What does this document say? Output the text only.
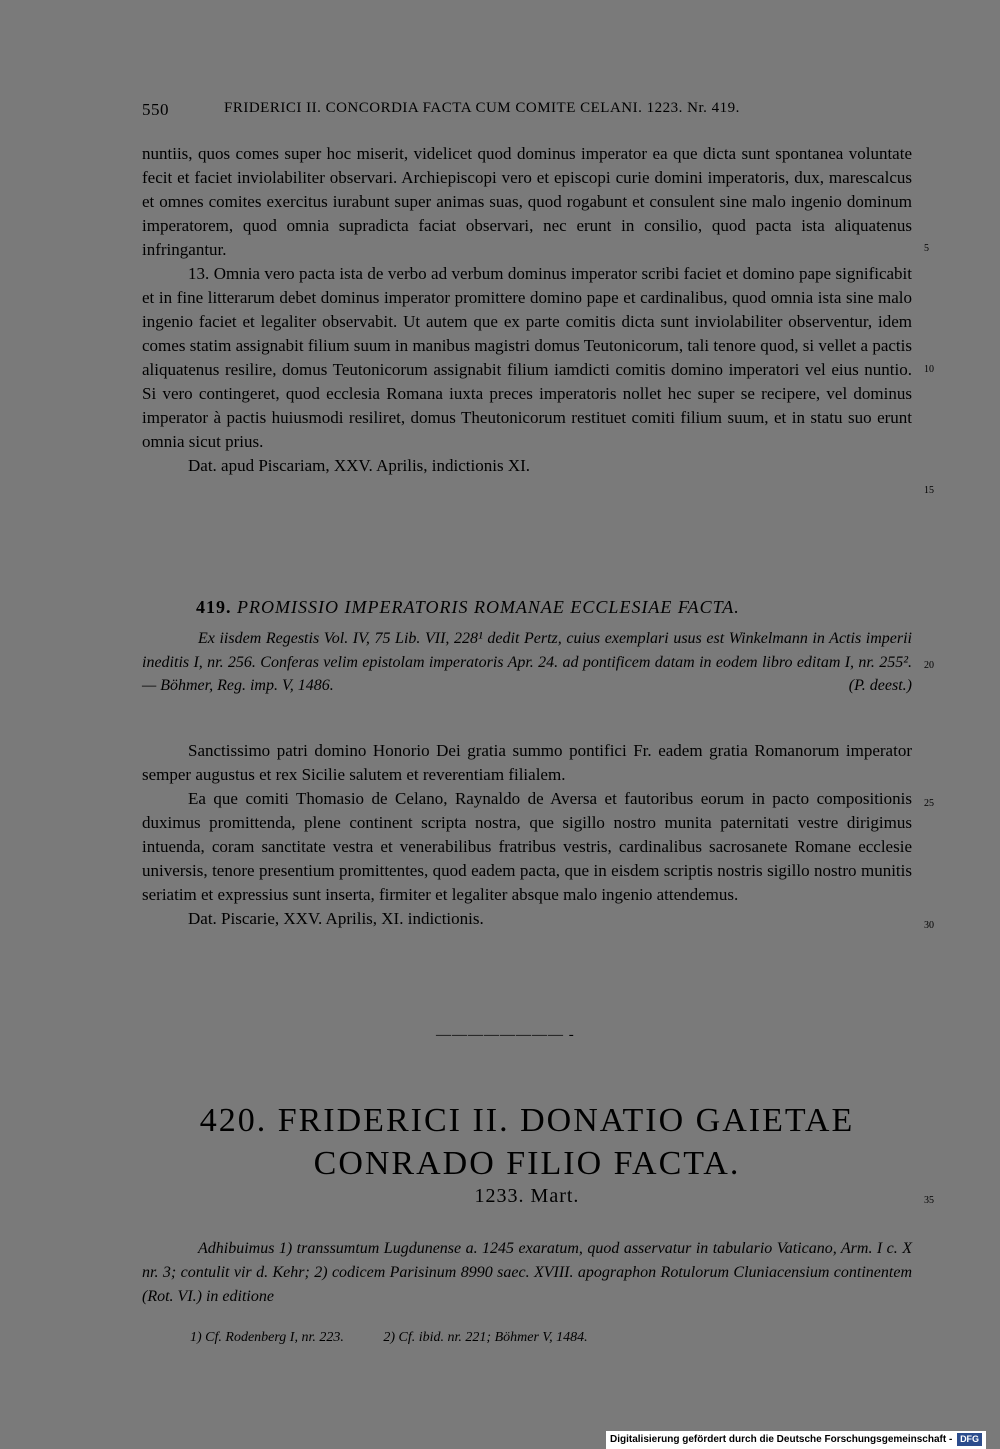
550	FRIDERICI II. CONCORDIA FACTA CUM COMITE CELANI. 1223. Nr. 419.

nuntiis, quos comes super hoc miserit, videlicet quod dominus imperator ea que dicta sunt spontanea voluntate fecit et faciet inviolabiliter observari. Archiepiscopi vero et episcopi curie domini imperatoris, dux, marescalcus et omnes comites exercitus iurabunt super animas suas, quod rogabunt et consulent sine malo ingenio dominum imperatorem, quod omnia supradicta faciat observari, nec erunt in consilio, quod pacta ista aliquatenus infringantur.

13. Omnia vero pacta ista de verbo ad verbum dominus imperator scribi faciet et domino pape significabit et in fine litterarum debet dominus imperator promittere domino pape et cardinalibus, quod omnia ista sine malo ingenio faciet et legaliter observabit. Ut autem que ex parte comitis dicta sunt inviolabiliter observentur, idem comes statim assignabit filium suum in manibus magistri domus Teutonicorum, tali tenore quod, si vellet a pactis aliquatenus resilire, domus Teutonicorum assignabit filium iamdicti comitis domino imperatori vel eius nuntio. Si vero contingeret, quod ecclesia Romana iuxta preces imperatoris nollet hec super se recipere, vel dominus imperator à pactis huiusmodi resiliret, domus Theutonicorum restituet comiti filium suum, et in statu suo erunt omnia sicut prius.

Dat. apud Piscariam, XXV. Aprilis, indictionis XI.

5
10
15
419. PROMISSIO IMPERATORIS ROMANAE ECCLESIAE FACTA.

Ex iisdem Regestis Vol. IV, 75 Lib. VII, 228¹ dedit Pertz, cuius exemplari usus est Winkelmann in Actis imperii ineditis I, nr. 256. Conferas velim epistolam imperatoris Apr. 24. ad pontificem datam in eodem libro editam I, nr. 255². — Böhmer, Reg. imp. V, 1486.	(P. deest.)

20

Sanctissimo patri domino Honorio Dei gratia summo pontifici Fr. eadem gratia Romanorum imperator semper augustus et rex Sicilie salutem et reverentiam filialem.

Ea que comiti Thomasio de Celano, Raynaldo de Aversa et fautoribus eorum in pacto compositionis duximus promittenda, plene continent scripta nostra, que sigillo nostro munita paternitati vestre dirigimus intuenda, coram sanctitate vestra et venerabilibus fratribus vestris, cardinalibus sacrosanete Romane ecclesie universis, tenore presentium promittentes, quod eadem pacta, que in eisdem scriptis nostris sigillo nostro munitis seriatim et expressius sunt inserta, firmiter et legaliter absque malo ingenio attendemus.

Dat. Piscarie, XXV. Aprilis, XI. indictionis.

25
30
———————— -
420. FRIDERICI II. DONATIO GAIETAE
CONRADO FILIO FACTA.
1233. Mart.	35

Adhibuimus 1) transsumtum Lugdunense a. 1245 exaratum, quod asservatur in tabulario Vaticano, Arm. I c. X nr. 3; contulit vir d. Kehr; 2) codicem Parisinum 8990 saec. XVIII. apographon Rotulorum Cluniacensium continentem (Rot. VI.) in editione

1) Cf. Rodenberg I, nr. 223.	2) Cf. ibid. nr. 221; Böhmer V, 1484.
Digitalisierung gefördert durch die Deutsche Forschungsgemeinschaft - DFG
